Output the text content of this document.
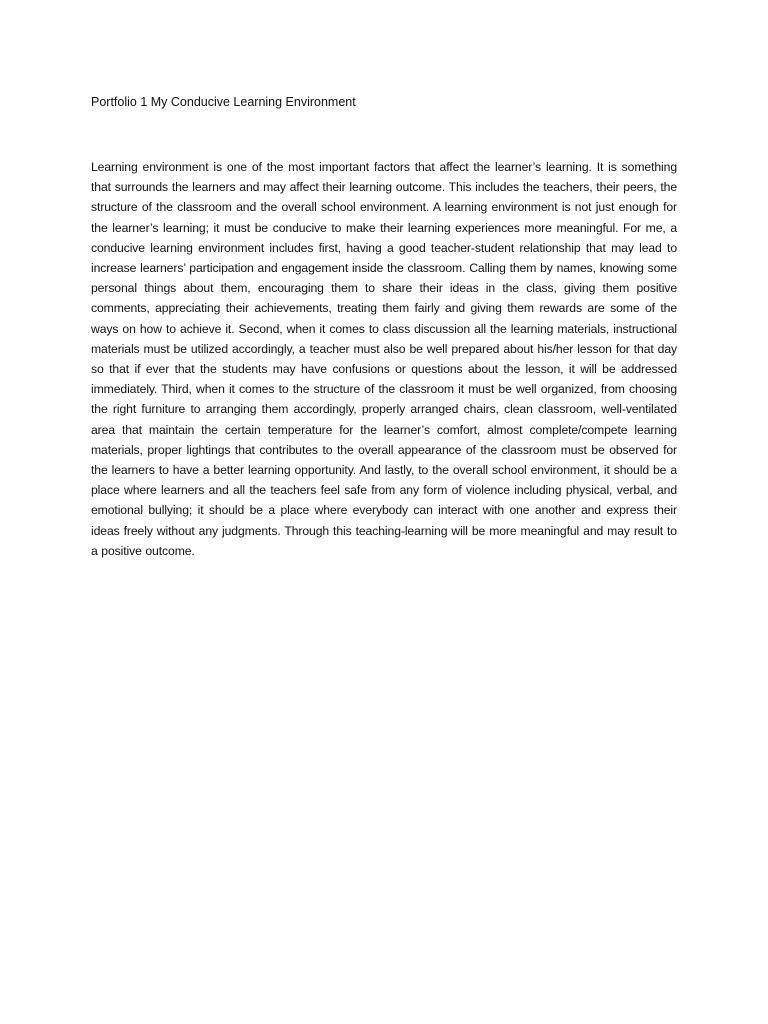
Portfolio 1 My Conducive Learning Environment

Learning environment is one of the most important factors that affect the learner’s learning. It is something that surrounds the learners and may affect their learning outcome. This includes the teachers, their peers, the structure of the classroom and the overall school environment. A learning environment is not just enough for the learner’s learning; it must be conducive to make their learning experiences more meaningful. For me, a conducive learning environment includes first, having a good teacher-student relationship that may lead to increase learners’ participation and engagement inside the classroom. Calling them by names, knowing some personal things about them, encouraging them to share their ideas in the class, giving them positive comments, appreciating their achievements, treating them fairly and giving them rewards are some of the ways on how to achieve it. Second, when it comes to class discussion all the learning materials, instructional materials must be utilized accordingly, a teacher must also be well prepared about his/her lesson for that day so that if ever that the students may have confusions or questions about the lesson, it will be addressed immediately. Third, when it comes to the structure of the classroom it must be well organized, from choosing the right furniture to arranging them accordingly, properly arranged chairs, clean classroom, well-ventilated area that maintain the certain temperature for the learner’s comfort, almost complete/compete learning materials, proper lightings that contributes to the overall appearance of the classroom must be observed for the learners to have a better learning opportunity. And lastly, to the overall school environment, it should be a place where learners and all the teachers feel safe from any form of violence including physical, verbal, and emotional bullying; it should be a place where everybody can interact with one another and express their ideas freely without any judgments. Through this teaching-learning will be more meaningful and may result to a positive outcome.
